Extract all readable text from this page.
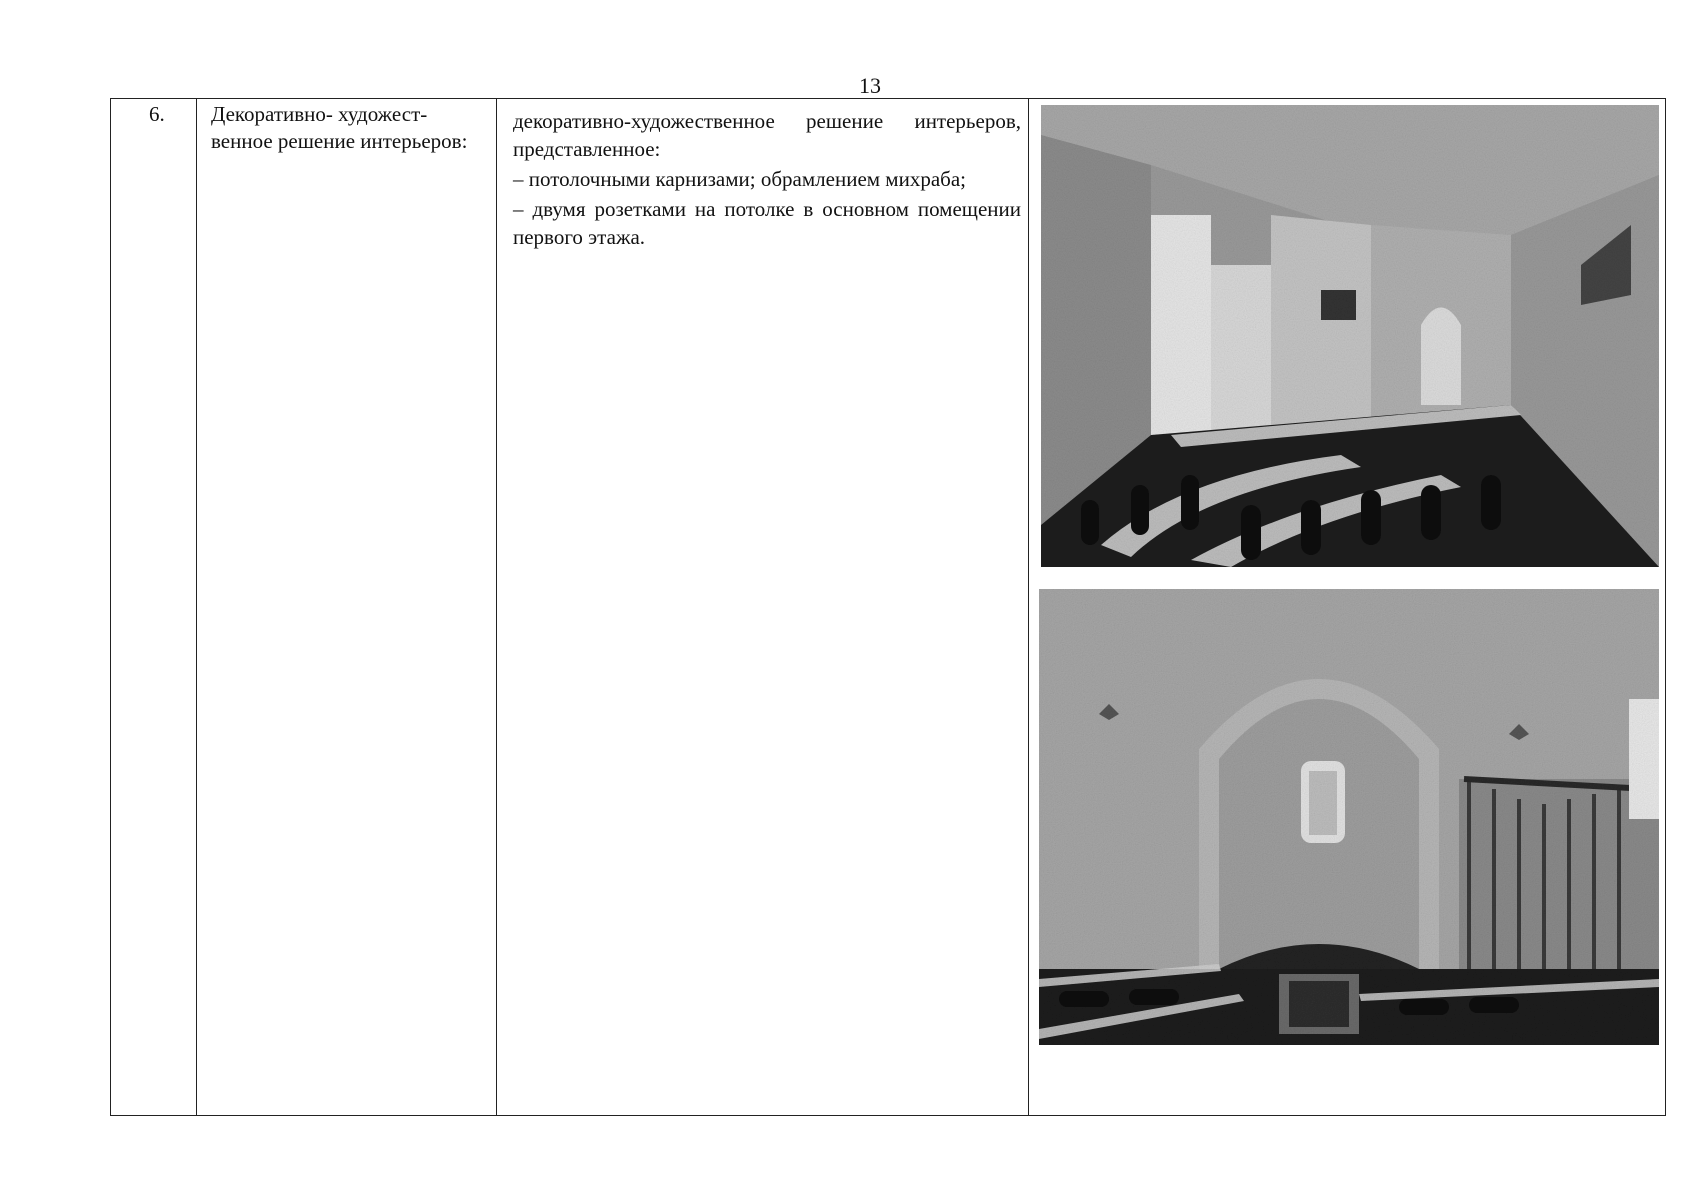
13
6. Декоративно- художест-венное решение интерьеров:

декоративно-художественное решение интерьеров, представленное:

– потолочными карнизами; обрамлением михраба;

– двумя розетками на потолке в основном помещении первого этажа.
